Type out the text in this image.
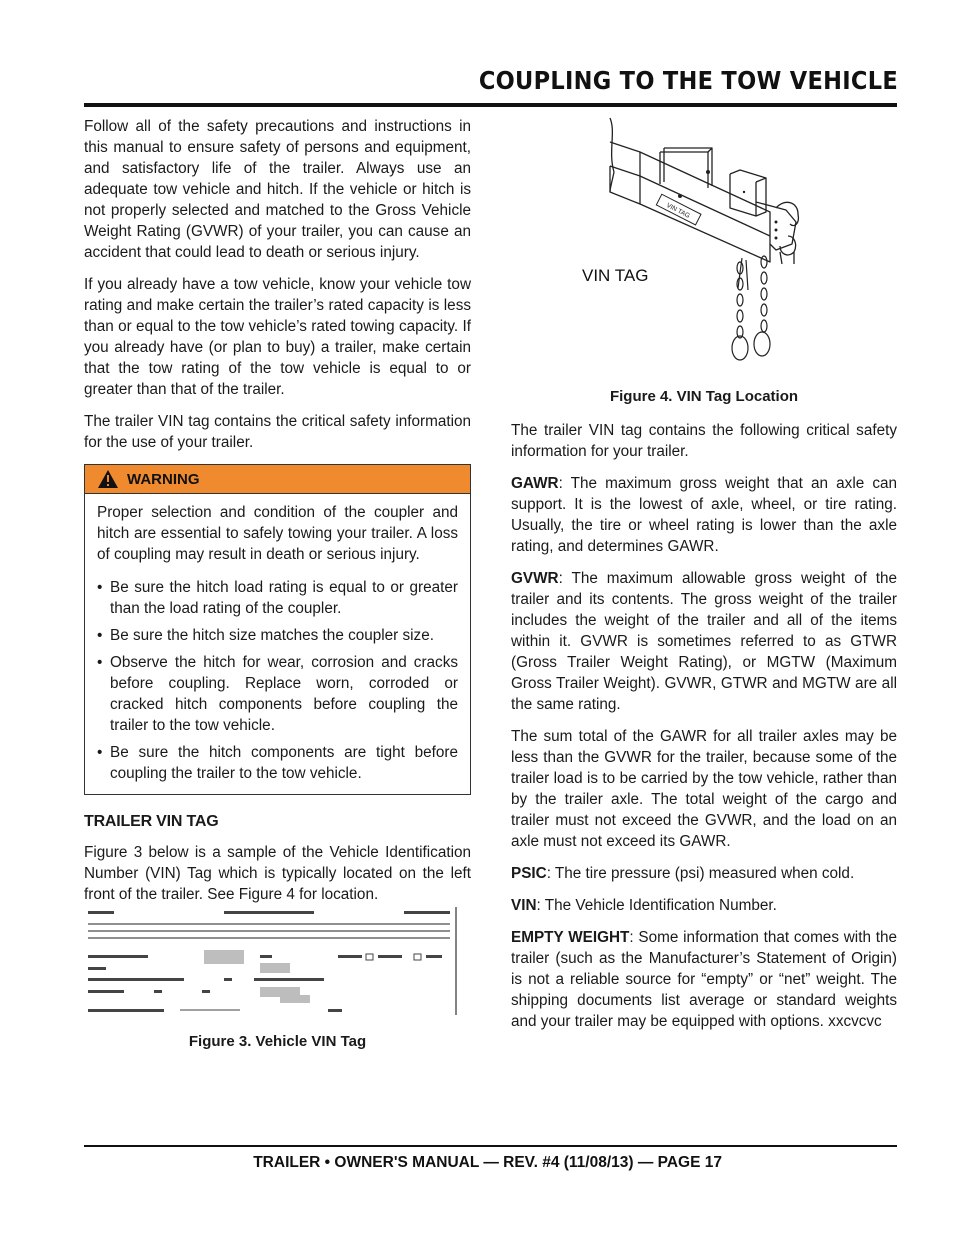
COUPLING TO THE TOW VEHICLE

Follow all of the safety precautions and instructions in this manual to ensure safety of persons and equipment, and satisfactory life of the trailer. Always use an adequate tow vehicle and hitch. If the vehicle or hitch is not properly selected and matched to the Gross Vehicle Weight Rating (GVWR) of your trailer, you can cause an accident that could lead to death or serious injury.

If you already have a tow vehicle, know your vehicle tow rating and make certain the trailer’s rated capacity is less than or equal to the tow vehicle’s rated towing capacity. If you already have (or plan to buy) a trailer, make certain that the tow rating of the tow vehicle is equal to or greater than that of the trailer.

The trailer VIN tag contains the critical safety information for the use of your trailer.

WARNING

Proper selection and condition of the coupler and hitch are essential to safely towing your trailer. A loss of coupling may result in death or serious injury.

• Be sure the hitch load rating is equal to or greater than the load rating of the coupler.
• Be sure the hitch size matches the coupler size.
• Observe the hitch for wear, corrosion and cracks before coupling. Replace worn, corroded or cracked hitch components before coupling the trailer to the tow vehicle.
• Be sure the hitch components are tight before coupling the trailer to the tow vehicle.
TRAILER VIN TAG

Figure 3 below is a sample of the Vehicle Identification Number (VIN) Tag which is typically located on the left front of the trailer. See Figure 4 for location.

Figure 3. Vehicle VIN Tag
VIN TAG
VIN TAG
Figure 4. VIN Tag Location

The trailer VIN tag contains the following critical safety information for your trailer.

GAWR: The maximum gross weight that an axle can support. It is the lowest of axle, wheel, or tire rating. Usually, the tire or wheel rating is lower than the axle rating, and determines GAWR.

GVWR: The maximum allowable gross weight of the trailer and its contents. The gross weight of the trailer includes the weight of the trailer and all of the items within it. GVWR is sometimes referred to as GTWR (Gross Trailer Weight Rating), or MGTW (Maximum Gross Trailer Weight). GVWR, GTWR and MGTW are all the same rating.

The sum total of the GAWR for all trailer axles may be less than the GVWR for the trailer, because some of the trailer load is to be carried by the tow vehicle, rather than by the trailer axle. The total weight of the cargo and trailer must not exceed the GVWR, and the load on an axle must not exceed its GAWR.

PSIC: The tire pressure (psi) measured when cold.

VIN: The Vehicle Identification Number.

EMPTY WEIGHT: Some information that comes with the trailer (such as the Manufacturer’s Statement of Origin) is not a reliable source for “empty” or “net” weight. The shipping documents list average or standard weights and your trailer may be equipped with options. xxcvcvc

TRAILER • OWNER'S MANUAL — REV. #4 (11/08/13) — PAGE 17
